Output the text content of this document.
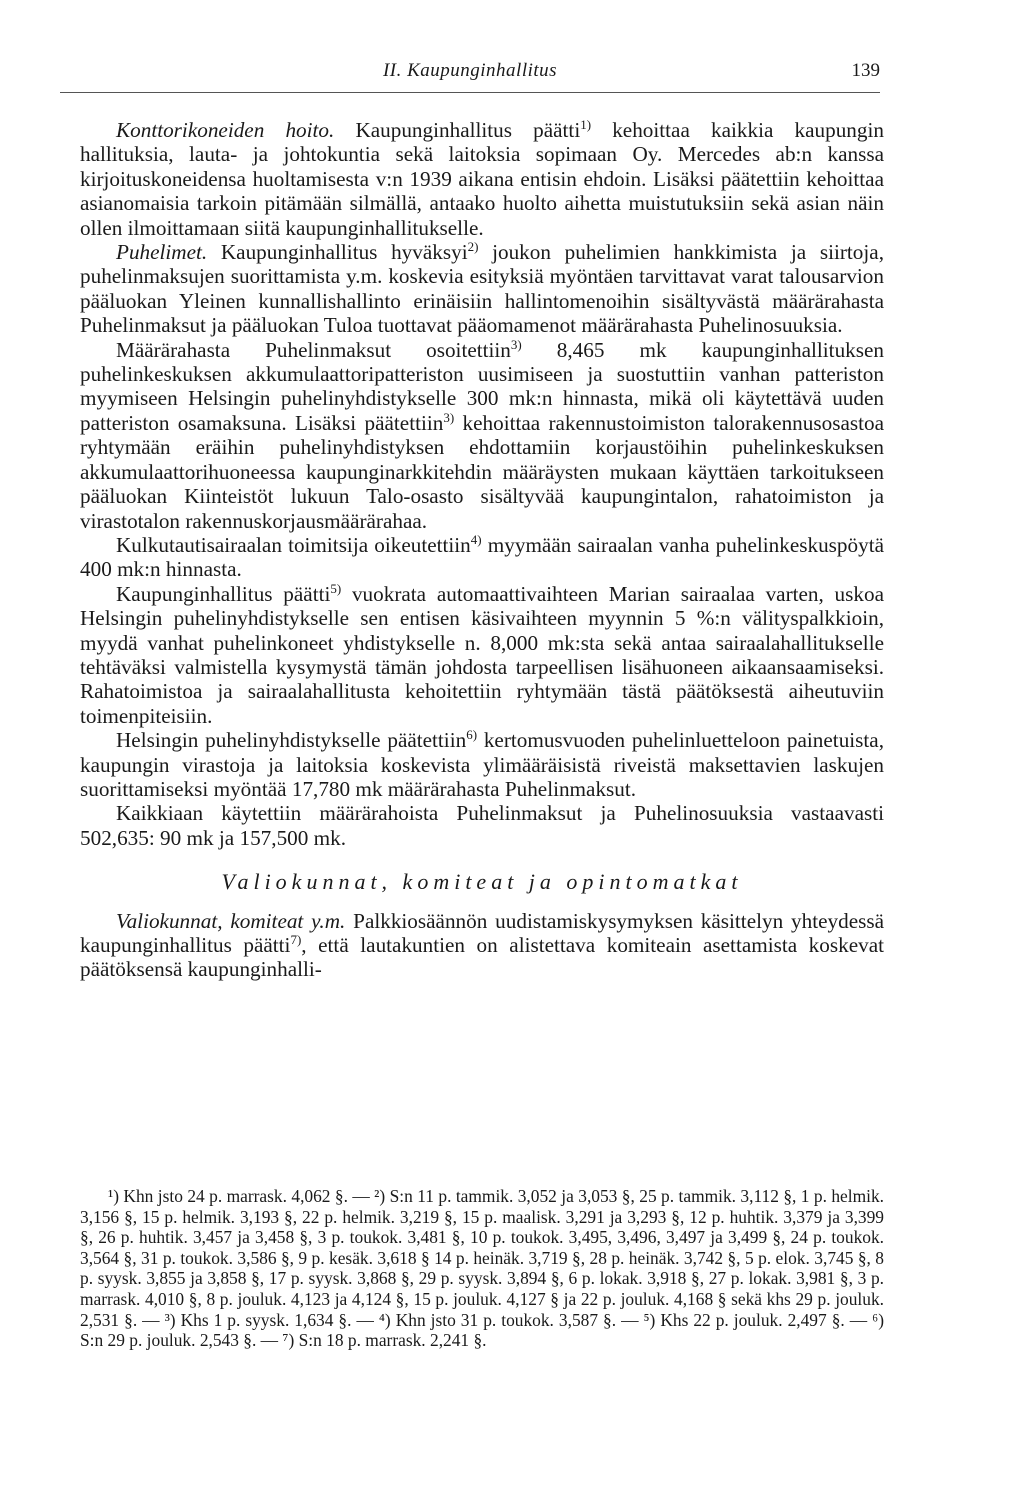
II. Kaupunginhallitus	139

Konttorikoneiden hoito. Kaupunginhallitus päätti$^{1)}$ kehoittaa kaikkia kaupungin hallituksia, lauta- ja johtokuntia sekä laitoksia sopimaan Oy. Mercedes ab:n kanssa kirjoituskoneidensa huoltamisesta v:n 1939 aikana entisin ehdoin. Lisäksi päätettiin kehoittaa asianomaisia tarkoin pitämään silmällä, antaako huolto aihetta muistutuksiin sekä asian näin ollen ilmoittamaan siitä kaupunginhallitukselle.

Puhelimet. Kaupunginhallitus hyväksyi$^{2)}$ joukon puhelimien hankkimista ja siirtoja, puhelinmaksujen suorittamista y.m. koskevia esityksiä myöntäen tarvittavat varat talousarvion pääluokan Yleinen kunnallishallinto erinäisiin hallintomenoihin sisältyvästä määrärahasta Puhelinmaksut ja pääluokan Tuloa tuottavat pääomamenot määrärahasta Puhelinosuuksia.

Määrärahasta Puhelinmaksut osoitettiin$^{3)}$ 8,465 mk kaupunginhallituksen puhelinkeskuksen akkumulaattoripatteriston uusimiseen ja suostuttiin vanhan patteriston myymiseen Helsingin puhelinyhdistykselle 300 mk:n hinnasta, mikä oli käytettävä uuden patteriston osamaksuna. Lisäksi päätettiin$^{3)}$ kehoittaa rakennustoimiston talorakennusosastoa ryhtymään eräihin puhelinyhdistyksen ehdottamiin korjaustöihin puhelinkeskuksen akkumulaattorihuoneessa kaupunginarkkitehdin määräysten mukaan käyttäen tarkoitukseen pääluokan Kiinteistöt lukuun Talo-osasto sisältyvää kaupungintalon, rahatoimiston ja virastotalon rakennuskorjausmäärärahaa.

Kulkutautisairaalan toimitsija oikeutettiin$^{4)}$ myymään sairaalan vanha puhelinkeskuspöytä 400 mk:n hinnasta.

Kaupunginhallitus päätti$^{5)}$ vuokrata automaattivaihteen Marian sairaalaa varten, uskoa Helsingin puhelinyhdistykselle sen entisen käsivaihteen myynnin 5 %:n välityspalkkioin, myydä vanhat puhelinkoneet yhdistykselle n. 8,000 mk:sta sekä antaa sairaalahallitukselle tehtäväksi valmistella kysymystä tämän johdosta tarpeellisen lisähuoneen aikaansaamiseksi. Rahatoimistoa ja sairaalahallitusta kehoitettiin ryhtymään tästä päätöksestä aiheutuviin toimenpiteisiin.

Helsingin puhelinyhdistykselle päätettiin$^{6)}$ kertomusvuoden puhelinluetteloon painetuista, kaupungin virastoja ja laitoksia koskevista ylimääräisistä riveistä maksettavien laskujen suorittamiseksi myöntää 17,780 mk määrärahasta Puhelinmaksut.

Kaikkiaan käytettiin määrärahoista Puhelinmaksut ja Puhelinosuuksia vastaavasti 502,635: 90 mk ja 157,500 mk.

Valiokunnat, komiteat ja opintomatkat

Valiokunnat, komiteat y.m. Palkkiosäännön uudistamiskysymyksen käsittelyn yhteydessä kaupunginhallitus päätti$^{7)}$, että lautakuntien on alistettava komiteain asettamista koskevat päätöksensä kaupunginhalli-

¹) Khn jsto 24 p. marrask. 4,062 §. — ²) S:n 11 p. tammik. 3,052 ja 3,053 §, 25 p. tammik. 3,112 §, 1 p. helmik. 3,156 §, 15 p. helmik. 3,193 §, 22 p. helmik. 3,219 §, 15 p. maalisk. 3,291 ja 3,293 §, 12 p. huhtik. 3,379 ja 3,399 §, 26 p. huhtik. 3,457 ja 3,458 §, 3 p. toukok. 3,481 §, 10 p. toukok. 3,495, 3,496, 3,497 ja 3,499 §, 24 p. toukok. 3,564 §, 31 p. toukok. 3,586 §, 9 p. kesäk. 3,618 § 14 p. heinäk. 3,719 §, 28 p. heinäk. 3,742 §, 5 p. elok. 3,745 §, 8 p. syysk. 3,855 ja 3,858 §, 17 p. syysk. 3,868 §, 29 p. syysk. 3,894 §, 6 p. lokak. 3,918 §, 27 p. lokak. 3,981 §, 3 p. marrask. 4,010 §, 8 p. jouluk. 4,123 ja 4,124 §, 15 p. jouluk. 4,127 § ja 22 p. jouluk. 4,168 § sekä khs 29 p. jouluk. 2,531 §. — ³) Khs 1 p. syysk. 1,634 §. — ⁴) Khn jsto 31 p. toukok. 3,587 §. — ⁵) Khs 22 p. jouluk. 2,497 §. — ⁶) S:n 29 p. jouluk. 2,543 §. — ⁷) S:n 18 p. marrask. 2,241 §.
